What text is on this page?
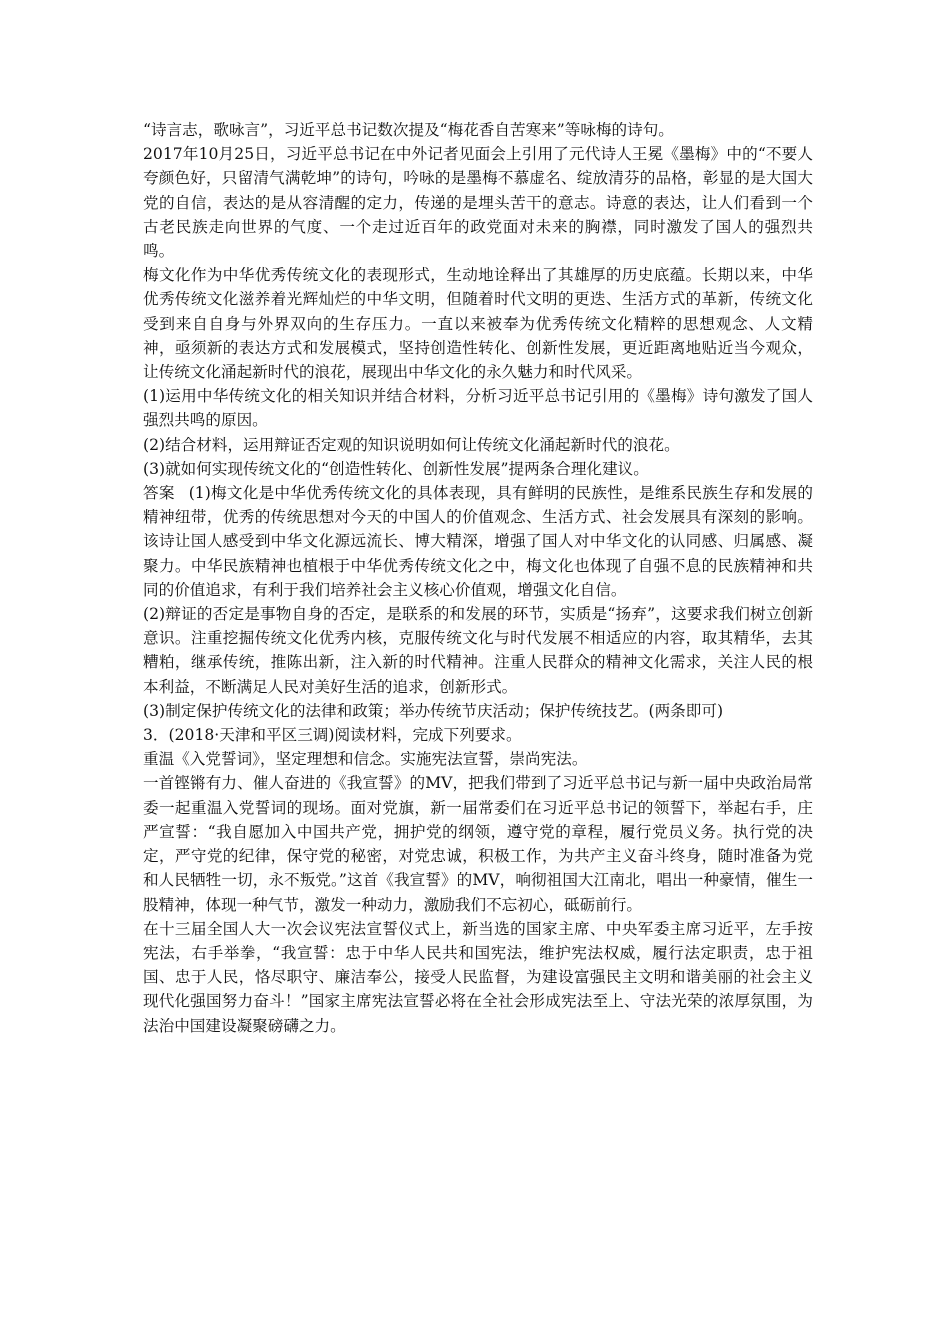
“诗言志，歌咏言”，习近平总书记数次提及“梅花香自苦寒来”等咏梅的诗句。

2017年10月25日，习近平总书记在中外记者见面会上引用了元代诗人王冕《墨梅》中的“不要人夸颜色好，只留清气满乾坤”的诗句，吟咏的是墨梅不慕虚名、绽放清芬的品格，彰显的是大国大党的自信，表达的是从容清醒的定力，传递的是埋头苦干的意志。诗意的表达，让人们看到一个古老民族走向世界的气度、一个走过近百年的政党面对未来的胸襟，同时激发了国人的强烈共鸣。

梅文化作为中华优秀传统文化的表现形式，生动地诠释出了其雄厚的历史底蕴。长期以来，中华优秀传统文化滋养着光辉灿烂的中华文明，但随着时代文明的更迭、生活方式的革新，传统文化受到来自自身与外界双向的生存压力。一直以来被奉为优秀传统文化精粹的思想观念、人文精神，亟须新的表达方式和发展模式，坚持创造性转化、创新性发展，更近距离地贴近当今观众，让传统文化涌起新时代的浪花，展现出中华文化的永久魅力和时代风采。

(1)运用中华传统文化的相关知识并结合材料，分析习近平总书记引用的《墨梅》诗句激发了国人强烈共鸣的原因。

(2)结合材料，运用辩证否定观的知识说明如何让传统文化涌起新时代的浪花。

(3)就如何实现传统文化的“创造性转化、创新性发展”提两条合理化建议。

答案 (1)梅文化是中华优秀传统文化的具体表现，具有鲜明的民族性，是维系民族生存和发展的精神纽带，优秀的传统思想对今天的中国人的价值观念、生活方式、社会发展具有深刻的影响。该诗让国人感受到中华文化源远流长、博大精深，增强了国人对中华文化的认同感、归属感、凝聚力。中华民族精神也植根于中华优秀传统文化之中，梅文化也体现了自强不息的民族精神和共同的价值追求，有利于我们培养社会主义核心价值观，增强文化自信。

(2)辩证的否定是事物自身的否定，是联系的和发展的环节，实质是“扬弃”，这要求我们树立创新意识。注重挖掘传统文化优秀内核，克服传统文化与时代发展不相适应的内容，取其精华，去其糟粕，继承传统，推陈出新，注入新的时代精神。注重人民群众的精神文化需求，关注人民的根本利益，不断满足人民对美好生活的追求，创新形式。

(3)制定保护传统文化的法律和政策；举办传统节庆活动；保护传统技艺。(两条即可)

3．(2018·天津和平区三调)阅读材料，完成下列要求。

重温《入党誓词》，坚定理想和信念。实施宪法宣誓，崇尚宪法。

一首铿锵有力、催人奋进的《我宣誓》的MV，把我们带到了习近平总书记与新一届中央政治局常委一起重温入党誓词的现场。面对党旗，新一届常委们在习近平总书记的领誓下，举起右手，庄严宣誓：“我自愿加入中国共产党，拥护党的纲领，遵守党的章程，履行党员义务。执行党的决定，严守党的纪律，保守党的秘密，对党忠诚，积极工作，为共产主义奋斗终身，随时准备为党和人民牺牲一切，永不叛党。”这首《我宣誓》的MV，响彻祖国大江南北，唱出一种豪情，催生一股精神，体现一种气节，激发一种动力，激励我们不忘初心，砥砺前行。

在十三届全国人大一次会议宪法宣誓仪式上，新当选的国家主席、中央军委主席习近平，左手按宪法，右手举拳，“我宣誓：忠于中华人民共和国宪法，维护宪法权威，履行法定职责，忠于祖国、忠于人民，恪尽职守、廉洁奉公，接受人民监督，为建设富强民主文明和谐美丽的社会主义现代化强国努力奋斗！”国家主席宪法宣誓必将在全社会形成宪法至上、守法光荣的浓厚氛围，为法治中国建设凝聚磅礴之力。
